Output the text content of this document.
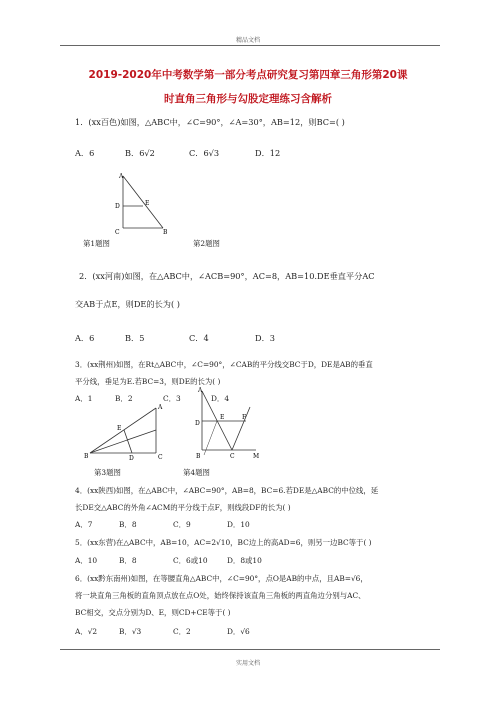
精品文档
2019-2020年中考数学第一部分考点研究复习第四章三角形第20课
时直角三角形与勾股定理练习含解析
1．(xx百色)如图，△ABC中，∠C=90°，∠A=30°，AB=12，则BC=( )
A．6	B．6√2	C．6√3	D．12
A
D	E
C	B
第1题图	第2题图
2．(xx河南)如图，在△ABC中，∠ACB=90°，AC=8，AB=10.DE垂直平分AC
交AB于点E，则DE的长为( )
A．6	B．5	C．4	D．3
3．(xx荆州)如图，在Rt△ABC中，∠C=90°，∠CAB的平分线交BC于D，DE是AB的垂直
平分线，垂足为E.若BC=3，则DE的长为( )
A．1	B．2	C．3	D．4
A
B	C
D
E
A
D
E	F
B	C	M
第3题图	第4题图
4．(xx陕西)如图，在△ABC中，∠ABC=90°，AB=8，BC=6.若DE是△ABC的中位线，延
长DE交△ABC的外角∠ACM的平分线于点F，则线段DF的长为( )
A．7	B．8	C．9	D．10
5．(xx东营)在△ABC中，AB=10，AC=2√10，BC边上的高AD=6，则另一边BC等于( )
A．10	B．8	C．6或10	D．8或10
6．(xx黔东南州)如图，在等腰直角△ABC中，∠C=90°，点O是AB的中点，且AB=√6，
将一块直角三角板的直角顶点放在点O处，始终保持该直角三角板的两直角边分别与AC、
BC相交，交点分别为D、E，则CD+CE等于( )
A．√2	B．√3	C．2	D．√6
实用文档
